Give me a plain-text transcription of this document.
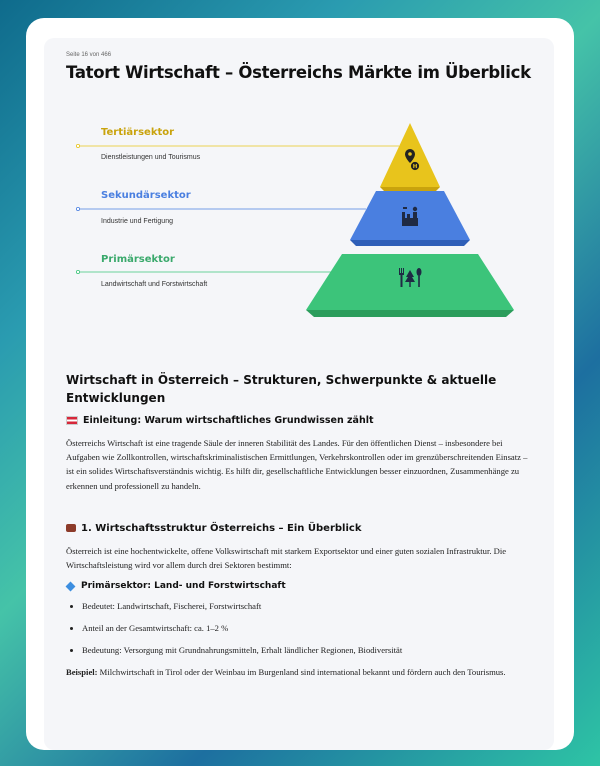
Seite 16 von 466
Tatort Wirtschaft – Österreichs Märkte im Überblick
H
Tertiärsektor
Dienstleistungen und Tourismus
Sekundärsektor
Industrie und Fertigung
Primärsektor
Landwirtschaft und Forstwirtschaft
Wirtschaft in Österreich – Strukturen, Schwerpunkte & aktuelle Entwicklungen
Einleitung: Warum wirtschaftliches Grundwissen zählt
Österreichs Wirtschaft ist eine tragende Säule der inneren Stabilität des Landes. Für den öffentlichen Dienst – insbesondere bei Aufgaben wie Zollkontrollen, wirtschaftskriminalistischen Ermittlungen, Verkehrskontrollen oder im grenzüberschreitenden Einsatz – ist ein solides Wirtschaftsverständnis wichtig. Es hilft dir, gesellschaftliche Entwicklungen besser einzuordnen, Zusammenhänge zu erkennen und professionell zu handeln.
1. Wirtschaftsstruktur Österreichs – Ein Überblick
Österreich ist eine hochentwickelte, offene Volkswirtschaft mit starkem Exportsektor und einer guten sozialen Infrastruktur. Die Wirtschaftsleistung wird vor allem durch drei Sektoren bestimmt:
Primärsektor: Land- und Forstwirtschaft
• Bedeutet: Landwirtschaft, Fischerei, Forstwirtschaft
• Anteil an der Gesamtwirtschaft: ca. 1–2 %
• Bedeutung: Versorgung mit Grundnahrungsmitteln, Erhalt ländlicher Regionen, Biodiversität
Beispiel: Milchwirtschaft in Tirol oder der Weinbau im Burgenland sind international bekannt und fördern auch den Tourismus.
